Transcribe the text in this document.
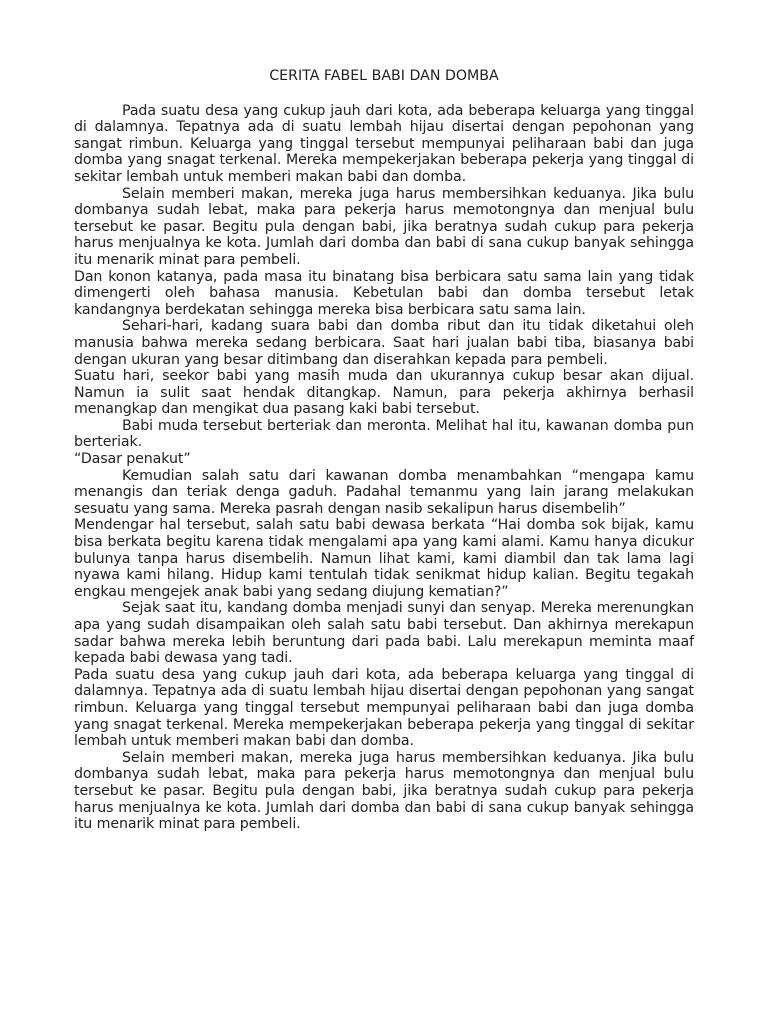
CERITA FABEL BABI DAN DOMBA

Pada suatu desa yang cukup jauh dari kota, ada beberapa keluarga yang tinggal di dalamnya. Tepatnya ada di suatu lembah hijau disertai dengan pepohonan yang sangat rimbun. Keluarga yang tinggal tersebut mempunyai peliharaan babi dan juga domba yang snagat terkenal. Mereka mempekerjakan beberapa pekerja yang tinggal di sekitar lembah untuk memberi makan babi dan domba.

Selain memberi makan, mereka juga harus membersihkan keduanya. Jika bulu dombanya sudah lebat, maka para pekerja harus memotongnya dan menjual bulu tersebut ke pasar. Begitu pula dengan babi, jika beratnya sudah cukup para pekerja harus menjualnya ke kota. Jumlah dari domba dan babi di sana cukup banyak sehingga itu menarik minat para pembeli.

Dan konon katanya, pada masa itu binatang bisa berbicara satu sama lain yang tidak dimengerti oleh bahasa manusia. Kebetulan babi dan domba tersebut letak kandangnya berdekatan sehingga mereka bisa berbicara satu sama lain.

Sehari-hari, kadang suara babi dan domba ribut dan itu tidak diketahui oleh manusia bahwa mereka sedang berbicara. Saat hari jualan babi tiba, biasanya babi dengan ukuran yang besar ditimbang dan diserahkan kepada para pembeli.

Suatu hari, seekor babi yang masih muda dan ukurannya cukup besar akan dijual. Namun ia sulit saat hendak ditangkap. Namun, para pekerja akhirnya berhasil menangkap dan mengikat dua pasang kaki babi tersebut.

Babi muda tersebut berteriak dan meronta. Melihat hal itu, kawanan domba pun berteriak.

“Dasar penakut”

Kemudian salah satu dari kawanan domba menambahkan “mengapa kamu menangis dan teriak denga gaduh. Padahal temanmu yang lain jarang melakukan sesuatu yang sama. Mereka pasrah dengan nasib sekalipun harus disembelih”

Mendengar hal tersebut, salah satu babi dewasa berkata “Hai domba sok bijak, kamu bisa berkata begitu karena tidak mengalami apa yang kami alami. Kamu hanya dicukur bulunya tanpa harus disembelih. Namun lihat kami, kami diambil dan tak lama lagi nyawa kami hilang. Hidup kami tentulah tidak senikmat hidup kalian. Begitu tegakah engkau mengejek anak babi yang sedang diujung kematian?”

Sejak saat itu, kandang domba menjadi sunyi dan senyap. Mereka merenungkan apa yang sudah disampaikan oleh salah satu babi tersebut. Dan akhirnya merekapun sadar bahwa mereka lebih beruntung dari pada babi. Lalu merekapun meminta maaf kepada babi dewasa yang tadi.

Pada suatu desa yang cukup jauh dari kota, ada beberapa keluarga yang tinggal di dalamnya. Tepatnya ada di suatu lembah hijau disertai dengan pepohonan yang sangat rimbun. Keluarga yang tinggal tersebut mempunyai peliharaan babi dan juga domba yang snagat terkenal. Mereka mempekerjakan beberapa pekerja yang tinggal di sekitar lembah untuk memberi makan babi dan domba.

Selain memberi makan, mereka juga harus membersihkan keduanya. Jika bulu dombanya sudah lebat, maka para pekerja harus memotongnya dan menjual bulu tersebut ke pasar. Begitu pula dengan babi, jika beratnya sudah cukup para pekerja harus menjualnya ke kota. Jumlah dari domba dan babi di sana cukup banyak sehingga itu menarik minat para pembeli.
